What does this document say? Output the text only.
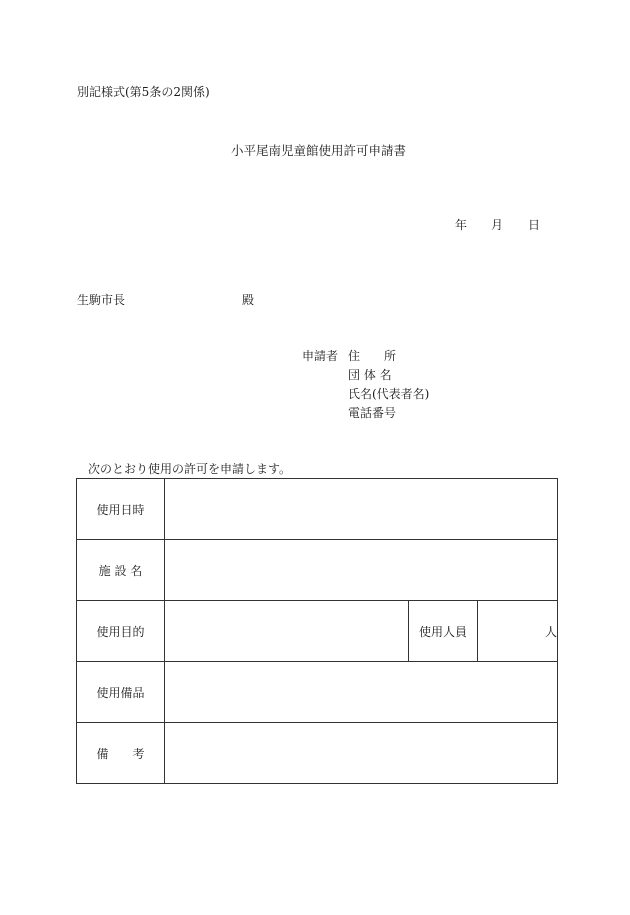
別記様式(第5条の2関係)
小平尾南児童館使用許可申請書
年 月 日
生駒市長	殿
申請者 住　　所
団 体 名
氏名(代表者名)
電話番号
次のとおり使用の許可を申請します。
使用日時			
施 設 名			
使用目的		使用人員	人
使用備品			
備　　考			
